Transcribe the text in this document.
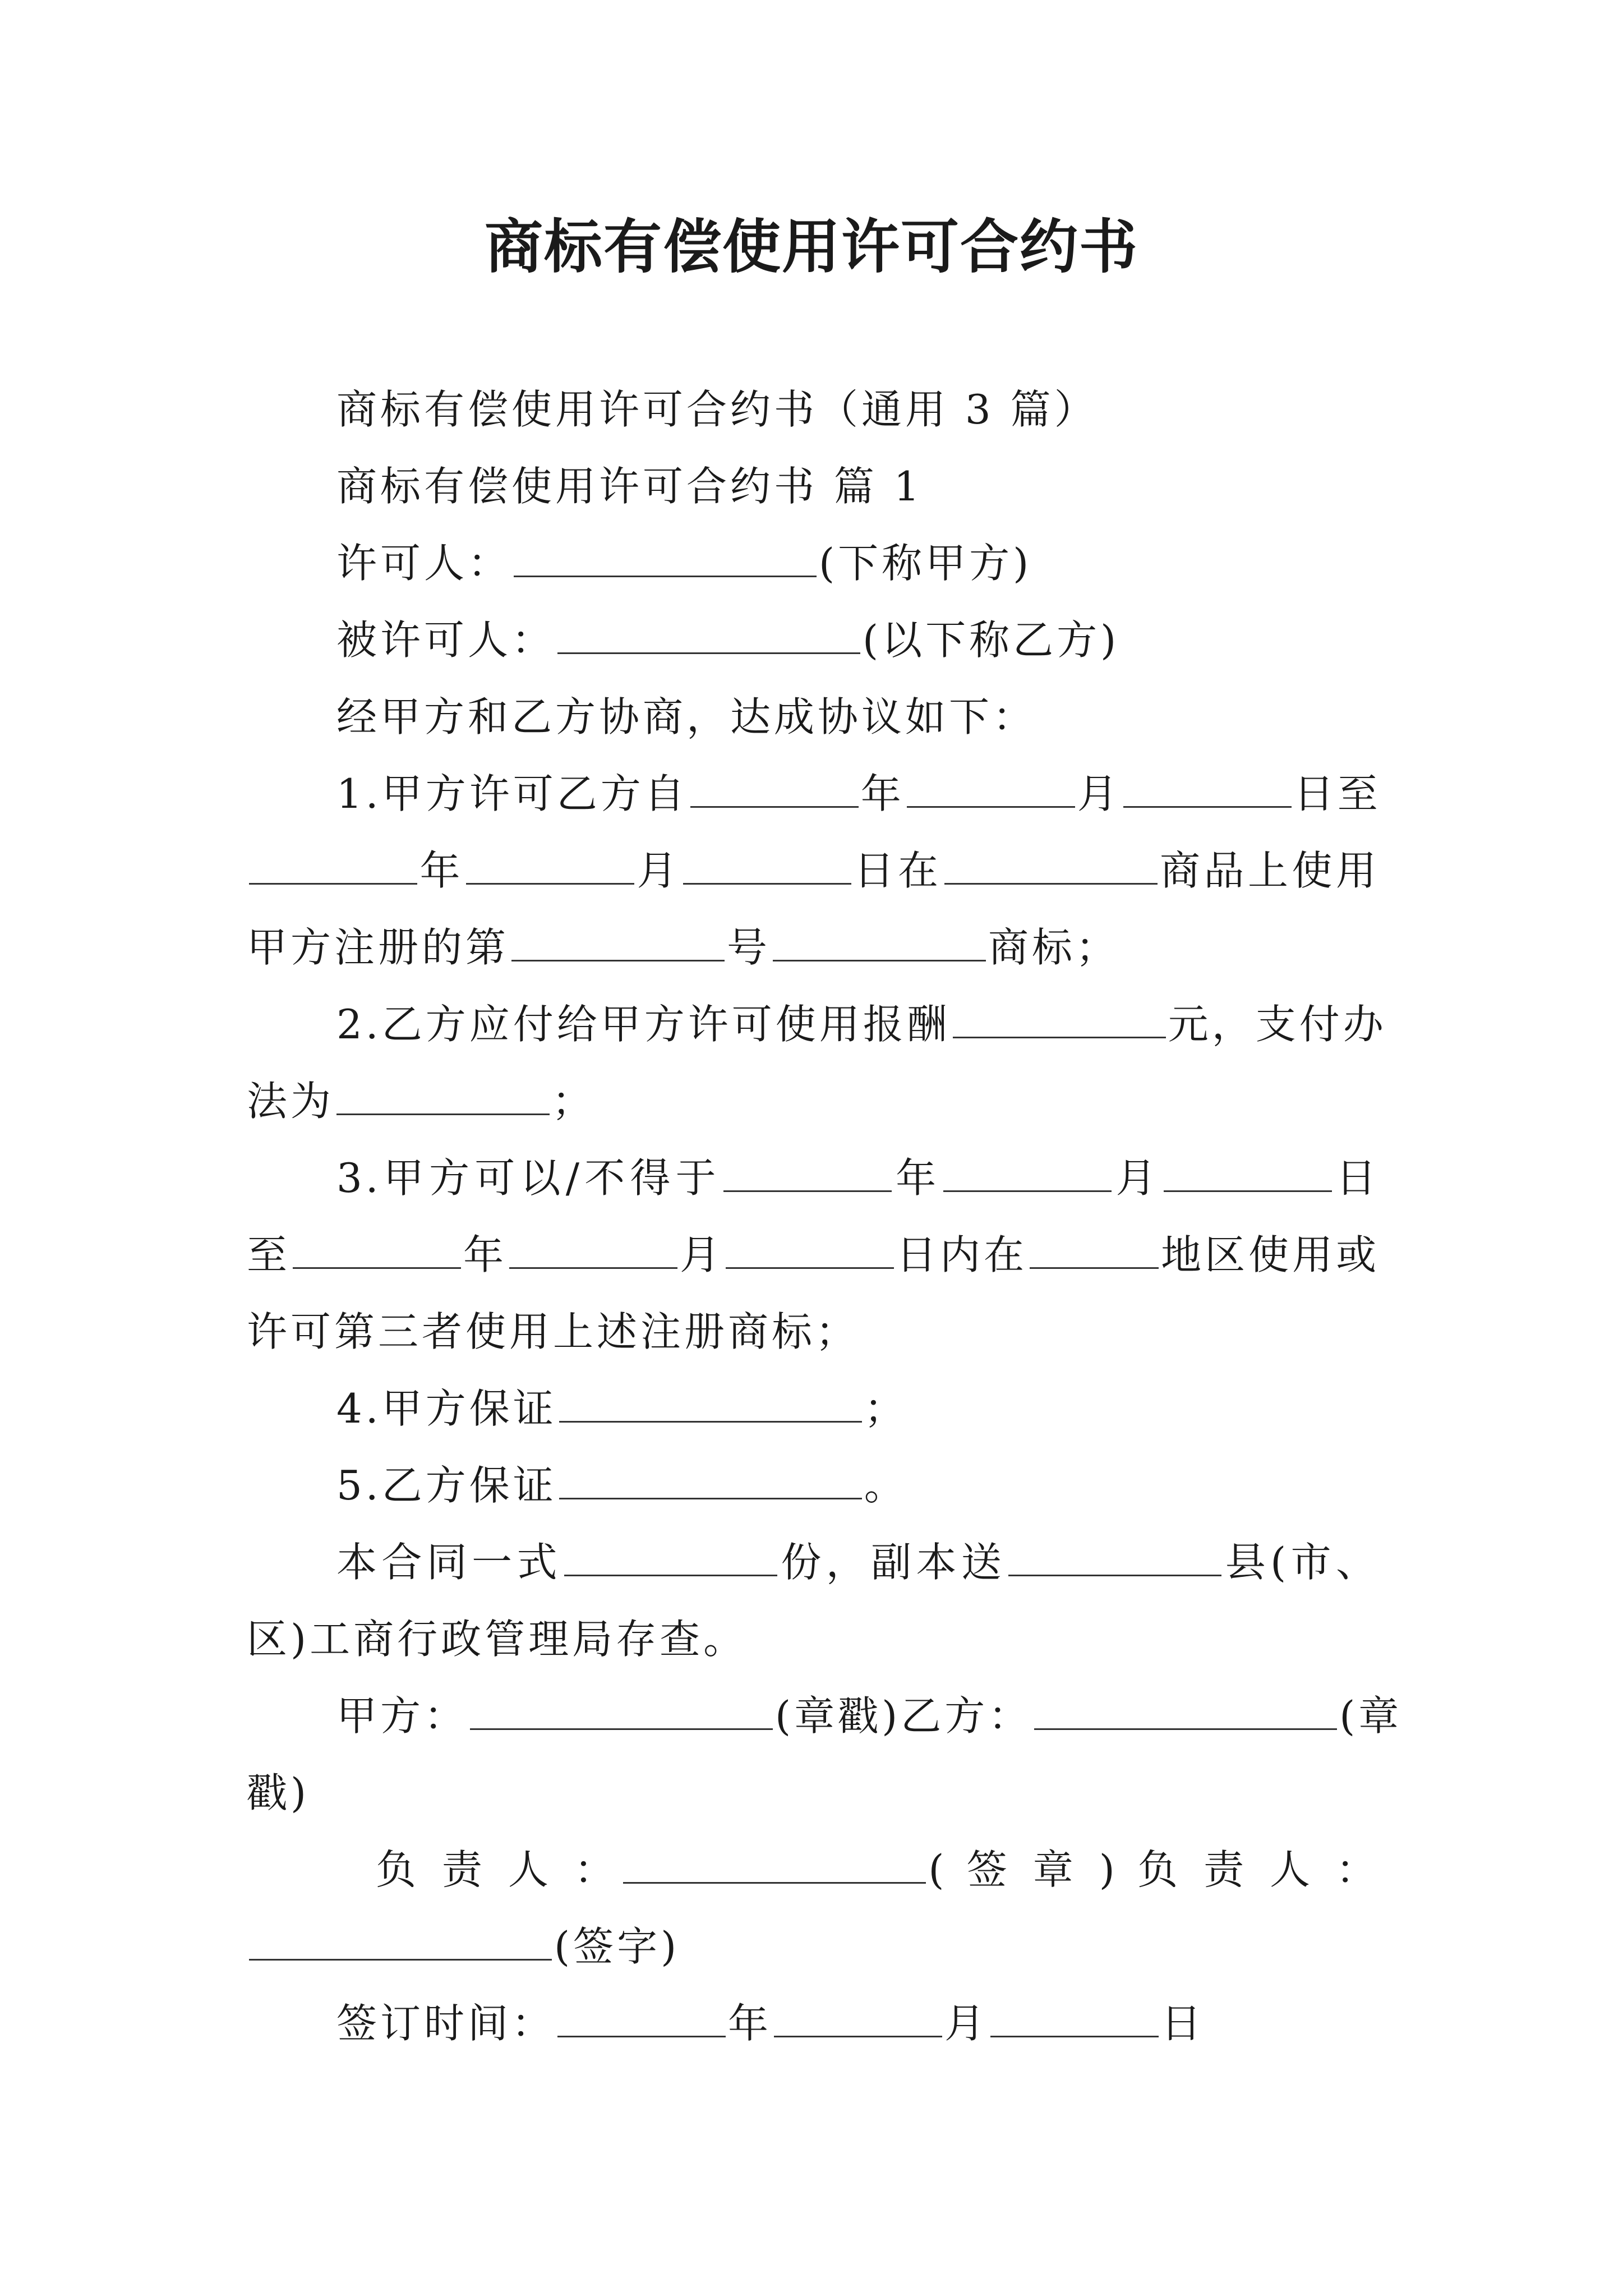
商标有偿使用许可合约书
商标有偿使用许可合约书（通用 3 篇）
商标有偿使用许可合约书 篇 1
许可人：	(下称甲方)
被许可人：	(以下称乙方)
经甲方和乙方协商，达成协议如下：
1.甲方许可乙方自	年	月	日至
年	月	日在	商品上使用
甲方注册的第	号	商标；
2.乙方应付给甲方许可使用报酬	元，支付办
法为	；
3.甲方可以/不得于	年	月	日
至	年	月	日内在	地区使用或
许可第三者使用上述注册商标；
4.甲方保证	；
5.乙方保证	。
本合同一式	份，副本送	县(市、
区)工商行政管理局存查。
甲方：	(章戳)乙方：	(章
戳)
负 责 人 ：	( 签 章 ) 负 责 人 ：
(签字)
签订时间：	年	月	日
